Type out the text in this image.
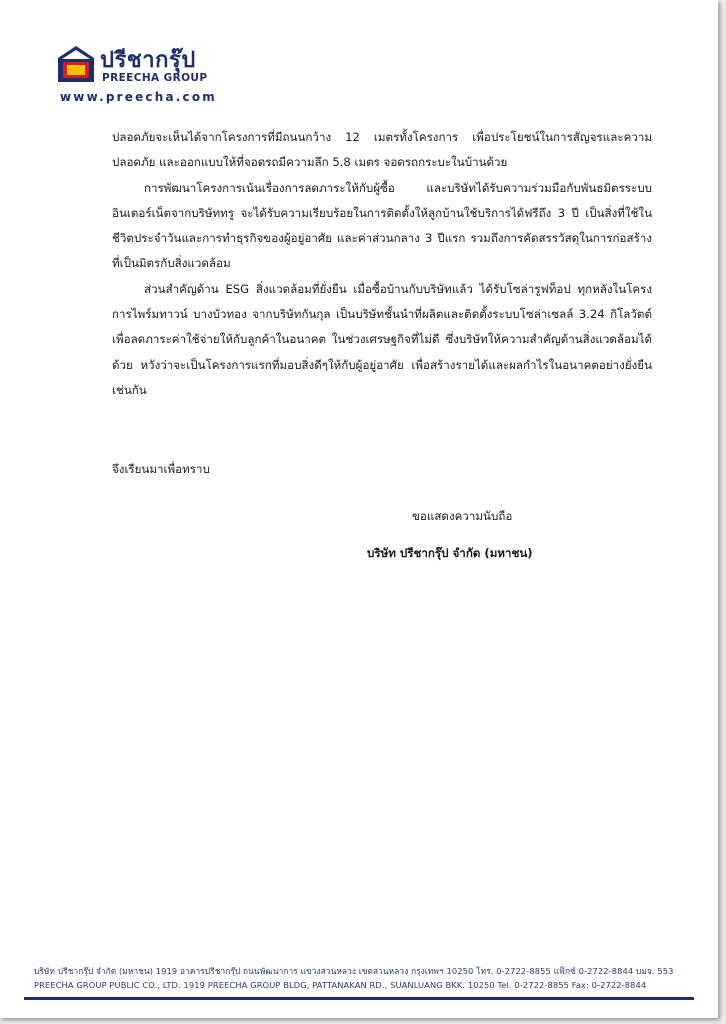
ปรีชากรุ๊ป
PREECHA GROUP
www.preecha.com

ปลอดภัยจะเห็นได้จากโครงการที่มีถนนกว้าง 12 เมตรทั้งโครงการ เพื่อประโยชน์ในการสัญจรและความปลอดภัย และออกแบบให้ที่จอดรถมีความลึก 5.8 เมตร จอดรถกระบะในบ้านด้วย

การพัฒนาโครงการเน้นเรื่องการลดภาระให้กับผู้ซื้อ และบริษัทได้รับความร่วมมือกับพันธมิตรระบบอินเตอร์เน็ตจากบริษัททรู จะได้รับความเรียบร้อยในการติดตั้งให้ลูกบ้านใช้บริการได้ฟรีถึง 3 ปี เป็นสิ่งที่ใช้ในชีวิตประจำวันและการทำธุรกิจของผู้อยู่อาศัย และค่าส่วนกลาง 3 ปีแรก รวมถึงการคัดสรรวัสดุในการก่อสร้างที่เป็นมิตรกับสิ่งแวดล้อม

ส่วนสำคัญด้าน ESG สิ่งแวดล้อมที่ยั่งยืน เมื่อซื้อบ้านกับบริษัทแล้ว ได้รับโซล่ารูฟท็อป ทุกหลังในโครงการไพร์มทาวน์ บางบัวทอง จากบริษัทกันกุล เป็นบริษัทชั้นนำที่ผลิตและติดตั้งระบบโซล่าเซลล์ 3.24 กิโลวัตต์ เพื่อลดภาระค่าใช้จ่ายให้กับลูกค้าในอนาคต ในช่วงเศรษฐกิจที่ไม่ดี ซึ่งบริษัทให้ความสำคัญด้านสิ่งแวดล้อมได้ด้วย หวังว่าจะเป็นโครงการแรกที่มอบสิ่งดีๆให้กับผู้อยู่อาศัย เพื่อสร้างรายได้และผลกำไรในอนาคตอย่างยั่งยืนเช่นกัน

จึงเรียนมาเพื่อทราบ
ขอแสดงความนับถือ
บริษัท ปรีชากรุ๊ป จำกัด (มหาชน)
บริษัท ปรีชากรุ๊ป จำกัด (มหาชน) 1919 อาคารปรีชากรุ๊ป ถนนพัฒนาการ แขวงสวนหลวง เขตสวนหลวง กรุงเทพฯ 10250 โทร. 0-2722-8855 แฟ็กซ์ 0-2722-8844 บมจ. 553
PREECHA GROUP PUBLIC CO., LTD. 1919 PREECHA GROUP BLDG, PATTANAKAN RD., SUANLUANG BKK. 10250 Tel. 0-2722-8855 Fax: 0-2722-8844
